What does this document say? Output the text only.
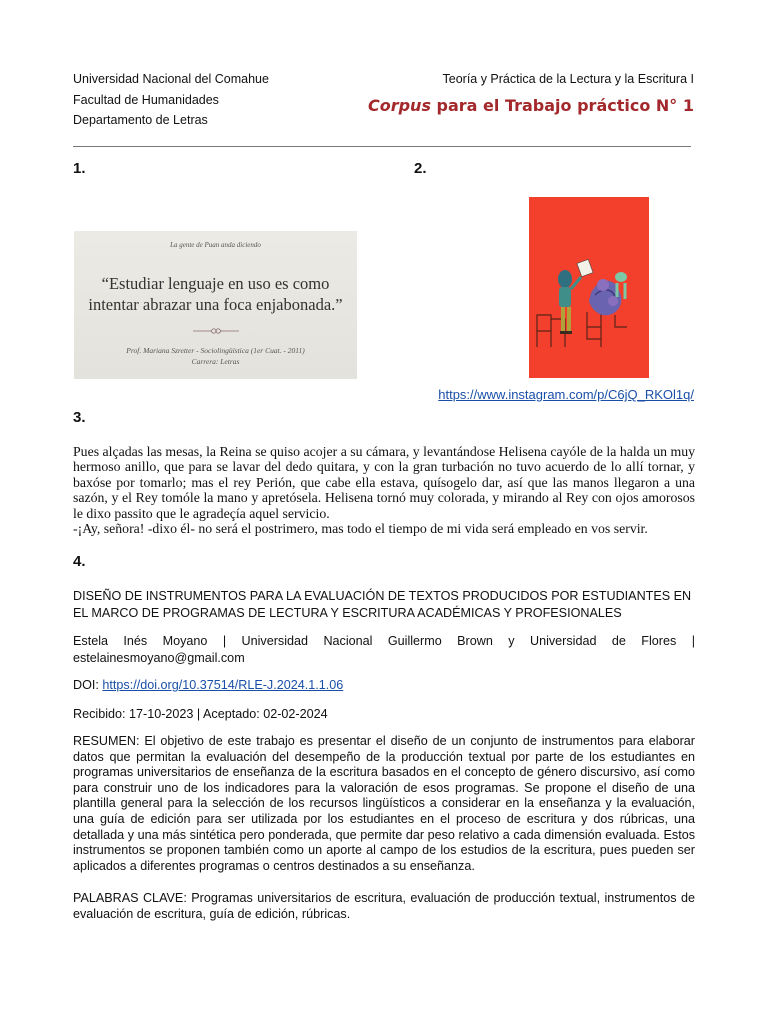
Universidad Nacional del Comahue
Facultad de Humanidades
Departamento de Letras
Teoría y Práctica de la Lectura y la Escritura I
Corpus para el Trabajo práctico N° 1
1.	2.
3.
4.
La gente de Puan anda diciendo
“Estudiar lenguaje en uso es como
intentar abrazar una foca enjabonada.”
Prof. Mariana Szretter - Sociolingüística (1er Cuat. - 2011)
Carrera: Letras
https://www.instagram.com/p/C6jQ_RKOl1q/
Pues alçadas las mesas, la Reina se quiso acojer a su cámara, y levantándose Helisena cayóle de la halda un muy hermoso anillo, que para se lavar del dedo quitara, y con la gran turbación no tuvo acuerdo de lo allí tornar, y baxóse por tomarlo; mas el rey Perión, que cabe ella estava, quísogelo dar, así que las manos llegaron a una sazón, y el Rey tomóle la mano y apretósela. Helisena tornó muy colorada, y mirando al Rey con ojos amorosos le dixo passito que le agradeçía aquel servicio.
-¡Ay, señora! -dixo él- no será el postrimero, mas todo el tiempo de mi vida será empleado en vos servir.
DISEÑO DE INSTRUMENTOS PARA LA EVALUACIÓN DE TEXTOS PRODUCIDOS POR ESTUDIANTES EN EL MARCO DE PROGRAMAS DE LECTURA Y ESCRITURA ACADÉMICAS Y PROFESIONALES
Estela Inés Moyano | Universidad Nacional Guillermo Brown y Universidad de Flores | estelainesmoyano@gmail.com
DOI: https://doi.org/10.37514/RLE-J.2024.1.1.06
Recibido: 17-10-2023 | Aceptado: 02-02-2024
RESUMEN: El objetivo de este trabajo es presentar el diseño de un conjunto de instrumentos para elaborar datos que permitan la evaluación del desempeño de la producción textual por parte de los estudiantes en programas universitarios de enseñanza de la escritura basados en el concepto de género discursivo, así como para construir uno de los indicadores para la valoración de esos programas. Se propone el diseño de una plantilla general para la selección de los recursos lingüísticos a considerar en la enseñanza y la evaluación, una guía de edición para ser utilizada por los estudiantes en el proceso de escritura y dos rúbricas, una detallada y una más sintética pero ponderada, que permite dar peso relativo a cada dimensión evaluada. Estos instrumentos se proponen también como un aporte al campo de los estudios de la escritura, pues pueden ser aplicados a diferentes programas o centros destinados a su enseñanza.
PALABRAS CLAVE: Programas universitarios de escritura, evaluación de producción textual, instrumentos de evaluación de escritura, guía de edición, rúbricas.
